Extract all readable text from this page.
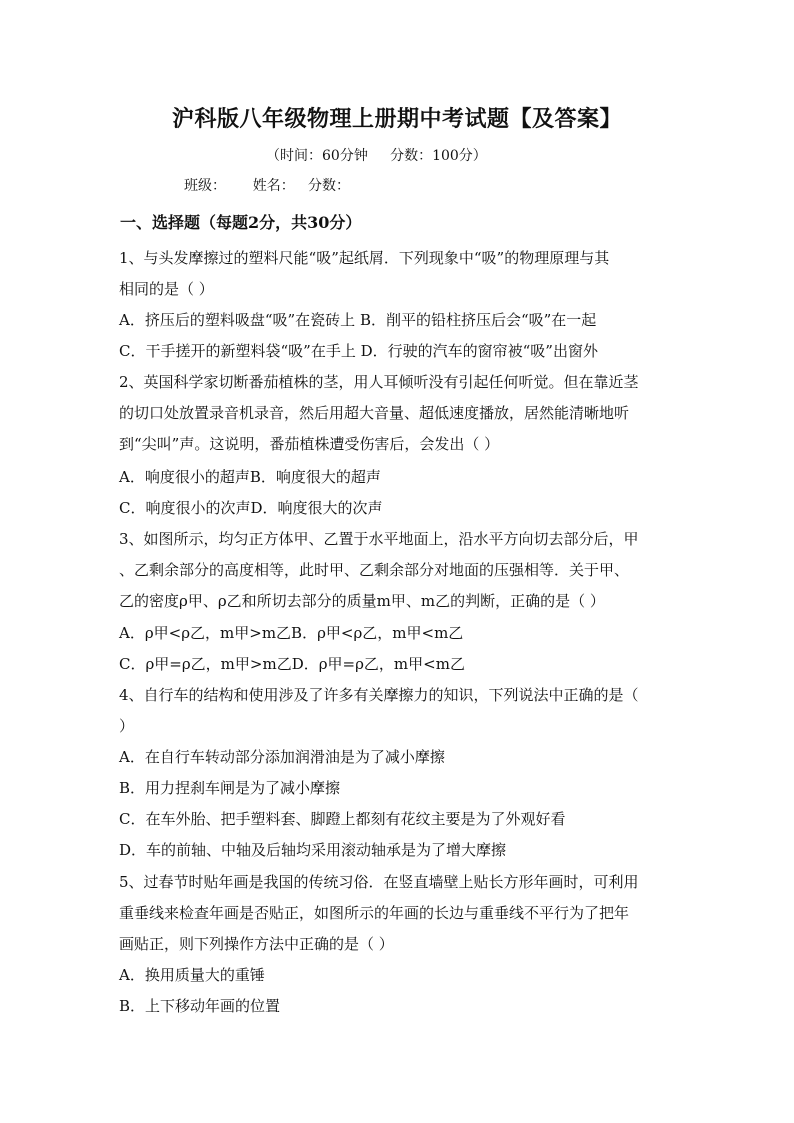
沪科版八年级物理上册期中考试题【及答案】
（时间：60分钟     分数：100分）
班级：      姓名：   分数：
一、选择题（每题2分，共30分）
1、与头发摩擦过的塑料尺能“吸”起纸屑．下列现象中“吸”的物理原理与其
相同的是（ ）
A．挤压后的塑料吸盘“吸”在瓷砖上 B．削平的铅柱挤压后会“吸”在一起
C．干手搓开的新塑料袋“吸”在手上 D．行驶的汽车的窗帘被“吸”出窗外
2、英国科学家切断番茄植株的茎，用人耳倾听没有引起任何听觉。但在靠近茎
的切口处放置录音机录音，然后用超大音量、超低速度播放，居然能清晰地听
到“尖叫”声。这说明，番茄植株遭受伤害后，会发出（ ）
A．响度很小的超声B．响度很大的超声
C．响度很小的次声D．响度很大的次声
3、如图所示，均匀正方体甲、乙置于水平地面上，沿水平方向切去部分后，甲
、乙剩余部分的高度相等，此时甲、乙剩余部分对地面的压强相等．关于甲、
乙的密度ρ甲、ρ乙和所切去部分的质量m甲、m乙的判断，正确的是（ ）
A．ρ甲<ρ乙，m甲>m乙B．ρ甲<ρ乙，m甲<m乙
C．ρ甲=ρ乙，m甲>m乙D．ρ甲=ρ乙，m甲<m乙
4、自行车的结构和使用涉及了许多有关摩擦力的知识，下列说法中正确的是（
）
A．在自行车转动部分添加润滑油是为了减小摩擦
B．用力捏刹车闸是为了减小摩擦
C．在车外胎、把手塑料套、脚蹬上都刻有花纹主要是为了外观好看
D．车的前轴、中轴及后轴均采用滚动轴承是为了增大摩擦
5、过春节时贴年画是我国的传统习俗．在竖直墙壁上贴长方形年画时，可利用
重垂线来检查年画是否贴正，如图所示的年画的长边与重垂线不平行为了把年
画贴正，则下列操作方法中正确的是（ ）
A．换用质量大的重锤
B．上下移动年画的位置
